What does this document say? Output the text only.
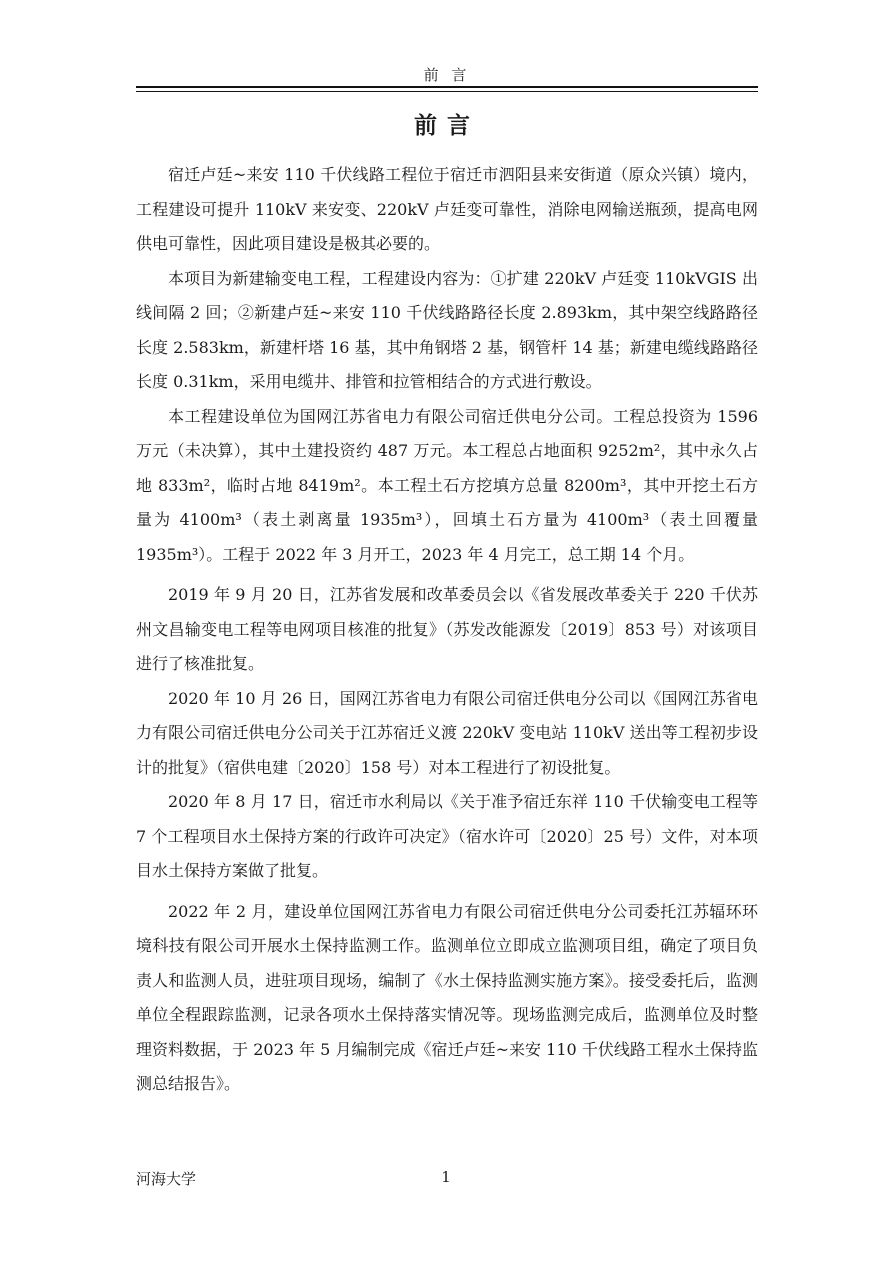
前 言
前言

宿迁卢廷~来安 110 千伏线路工程位于宿迁市泗阳县来安街道（原众兴镇）境内，工程建设可提升 110kV 来安变、220kV 卢廷变可靠性，消除电网输送瓶颈，提高电网供电可靠性，因此项目建设是极其必要的。

本项目为新建输变电工程，工程建设内容为：①扩建 220kV 卢廷变 110kVGIS 出线间隔 2 回；②新建卢廷~来安 110 千伏线路路径长度 2.893km，其中架空线路路径长度 2.583km，新建杆塔 16 基，其中角钢塔 2 基，钢管杆 14 基；新建电缆线路路径长度 0.31km，采用电缆井、排管和拉管相结合的方式进行敷设。

本工程建设单位为国网江苏省电力有限公司宿迁供电分公司。工程总投资为 1596 万元（未决算），其中土建投资约 487 万元。本工程总占地面积 9252m²，其中永久占地 833m²，临时占地 8419m²。本工程土石方挖填方总量 8200m³，其中开挖土石方量为 4100m³（表土剥离量 1935m³），回填土石方量为 4100m³（表土回覆量 1935m³）。工程于 2022 年 3 月开工，2023 年 4 月完工，总工期 14 个月。

2019 年 9 月 20 日，江苏省发展和改革委员会以《省发展改革委关于 220 千伏苏州文昌输变电工程等电网项目核准的批复》（苏发改能源发〔2019〕853 号）对该项目进行了核准批复。

2020 年 10 月 26 日，国网江苏省电力有限公司宿迁供电分公司以《国网江苏省电力有限公司宿迁供电分公司关于江苏宿迁义渡 220kV 变电站 110kV 送出等工程初步设计的批复》（宿供电建〔2020〕158 号）对本工程进行了初设批复。

2020 年 8 月 17 日，宿迁市水利局以《关于准予宿迁东祥 110 千伏输变电工程等 7 个工程项目水土保持方案的行政许可决定》（宿水许可〔2020〕25 号）文件，对本项目水土保持方案做了批复。

2022 年 2 月，建设单位国网江苏省电力有限公司宿迁供电分公司委托江苏辐环环境科技有限公司开展水土保持监测工作。监测单位立即成立监测项目组，确定了项目负责人和监测人员，进驻项目现场，编制了《水土保持监测实施方案》。接受委托后，监测单位全程跟踪监测，记录各项水土保持落实情况等。现场监测完成后，监测单位及时整理资料数据，于 2023 年 5 月编制完成《宿迁卢廷~来安 110 千伏线路工程水土保持监测总结报告》。

河海大学	1
